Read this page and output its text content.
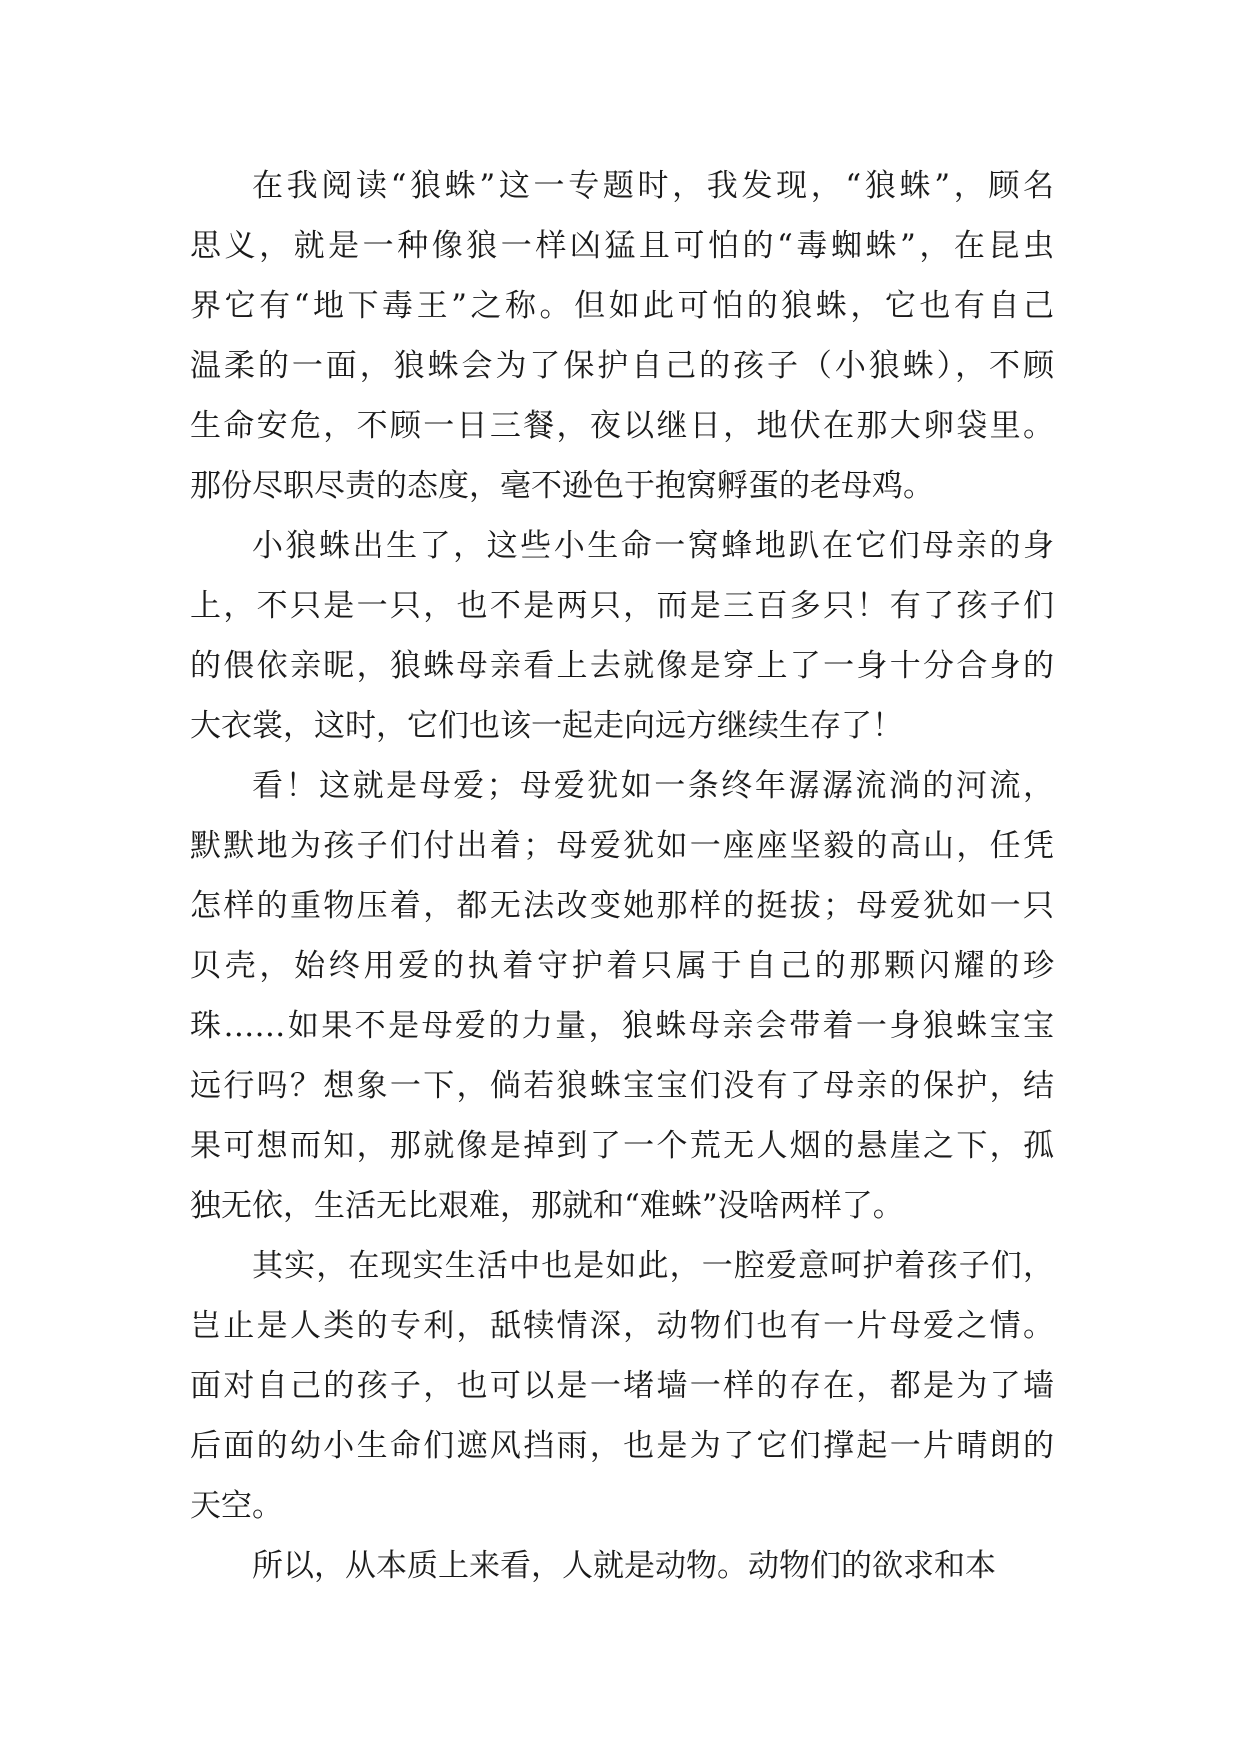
在我阅读“狼蛛”这一专题时，我发现，“狼蛛”，顾名
思义，就是一种像狼一样凶猛且可怕的“毒蜘蛛”，在昆虫
界它有“地下毒王”之称。但如此可怕的狼蛛，它也有自己
温柔的一面，狼蛛会为了保护自己的孩子（小狼蛛），不顾
生命安危，不顾一日三餐，夜以继日，地伏在那大卵袋里。
那份尽职尽责的态度，毫不逊色于抱窝孵蛋的老母鸡。
小狼蛛出生了，这些小生命一窝蜂地趴在它们母亲的身
上，不只是一只，也不是两只，而是三百多只！有了孩子们
的偎依亲昵，狼蛛母亲看上去就像是穿上了一身十分合身的
大衣裳，这时，它们也该一起走向远方继续生存了！
看！这就是母爱；母爱犹如一条终年潺潺流淌的河流，
默默地为孩子们付出着；母爱犹如一座座坚毅的高山，任凭
怎样的重物压着，都无法改变她那样的挺拔；母爱犹如一只
贝壳，始终用爱的执着守护着只属于自己的那颗闪耀的珍
珠……如果不是母爱的力量，狼蛛母亲会带着一身狼蛛宝宝
远行吗？想象一下，倘若狼蛛宝宝们没有了母亲的保护，结
果可想而知，那就像是掉到了一个荒无人烟的悬崖之下，孤
独无依，生活无比艰难，那就和“难蛛”没啥两样了。
其实，在现实生活中也是如此，一腔爱意呵护着孩子们，
岂止是人类的专利，舐犊情深，动物们也有一片母爱之情。
面对自己的孩子，也可以是一堵墙一样的存在，都是为了墙
后面的幼小生命们遮风挡雨，也是为了它们撑起一片晴朗的
天空。
所以，从本质上来看，人就是动物。动物们的欲求和本
